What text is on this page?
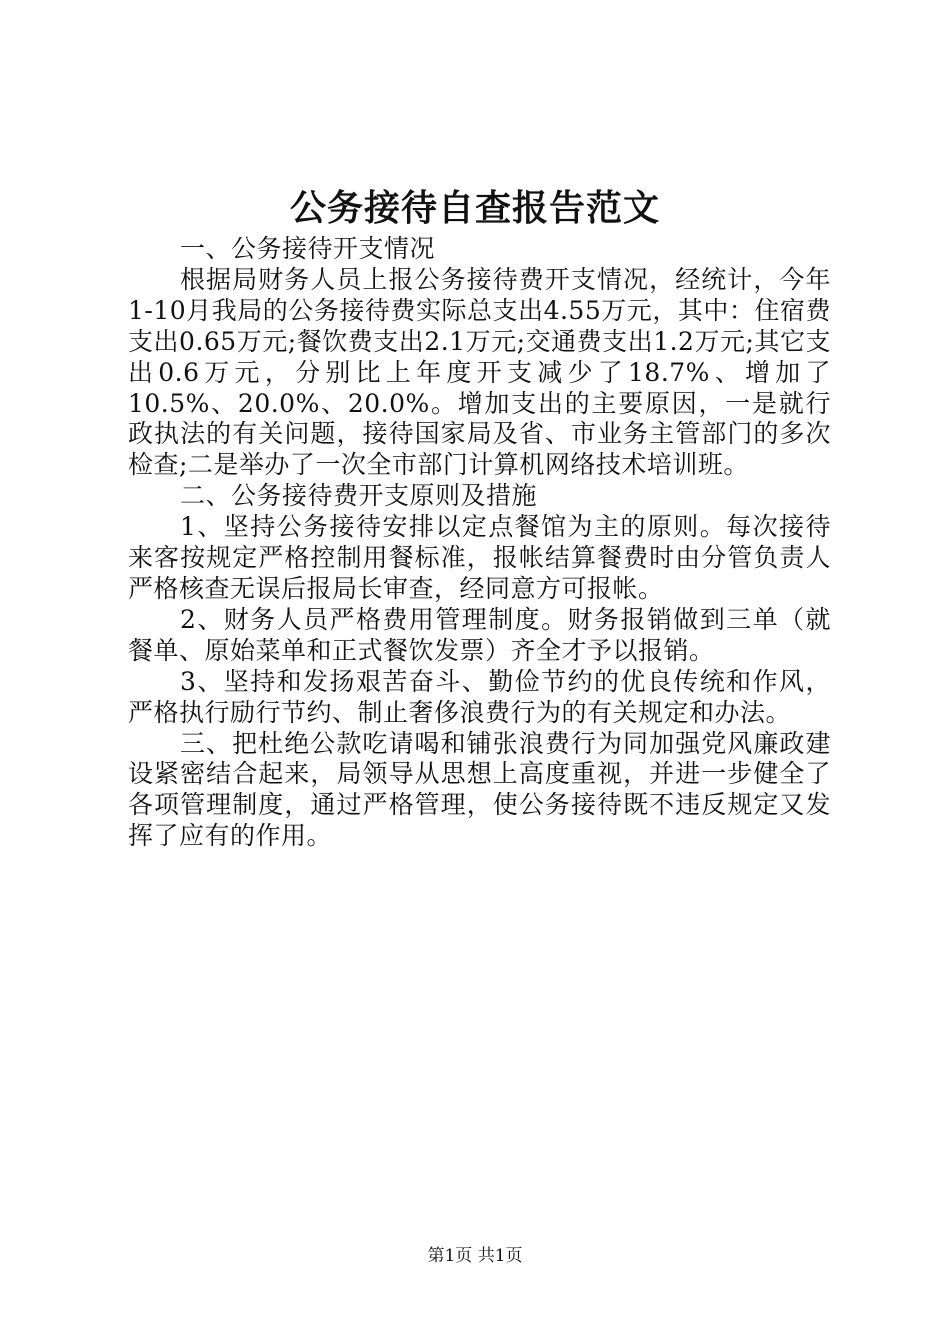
公务接待自查报告范文

一、公务接待开支情况

根据局财务人员上报公务接待费开支情况，经统计，今年1-10月我局的公务接待费实际总支出4.55万元，其中：住宿费支出0.65万元;餐饮费支出2.1万元;交通费支出1.2万元;其它支出0.6万元，分别比上年度开支减少了18.7%、增加了10.5%、20.0%、20.0%。增加支出的主要原因，一是就行政执法的有关问题，接待国家局及省、市业务主管部门的多次检查;二是举办了一次全市部门计算机网络技术培训班。

二、公务接待费开支原则及措施

1、坚持公务接待安排以定点餐馆为主的原则。每次接待来客按规定严格控制用餐标准，报帐结算餐费时由分管负责人严格核查无误后报局长审查，经同意方可报帐。

2、财务人员严格费用管理制度。财务报销做到三单（就餐单、原始菜单和正式餐饮发票）齐全才予以报销。

3、坚持和发扬艰苦奋斗、勤俭节约的优良传统和作风，严格执行励行节约、制止奢侈浪费行为的有关规定和办法。

三、把杜绝公款吃请喝和铺张浪费行为同加强党风廉政建设紧密结合起来，局领导从思想上高度重视，并进一步健全了各项管理制度，通过严格管理，使公务接待既不违反规定又发挥了应有的作用。

第1页 共1页
